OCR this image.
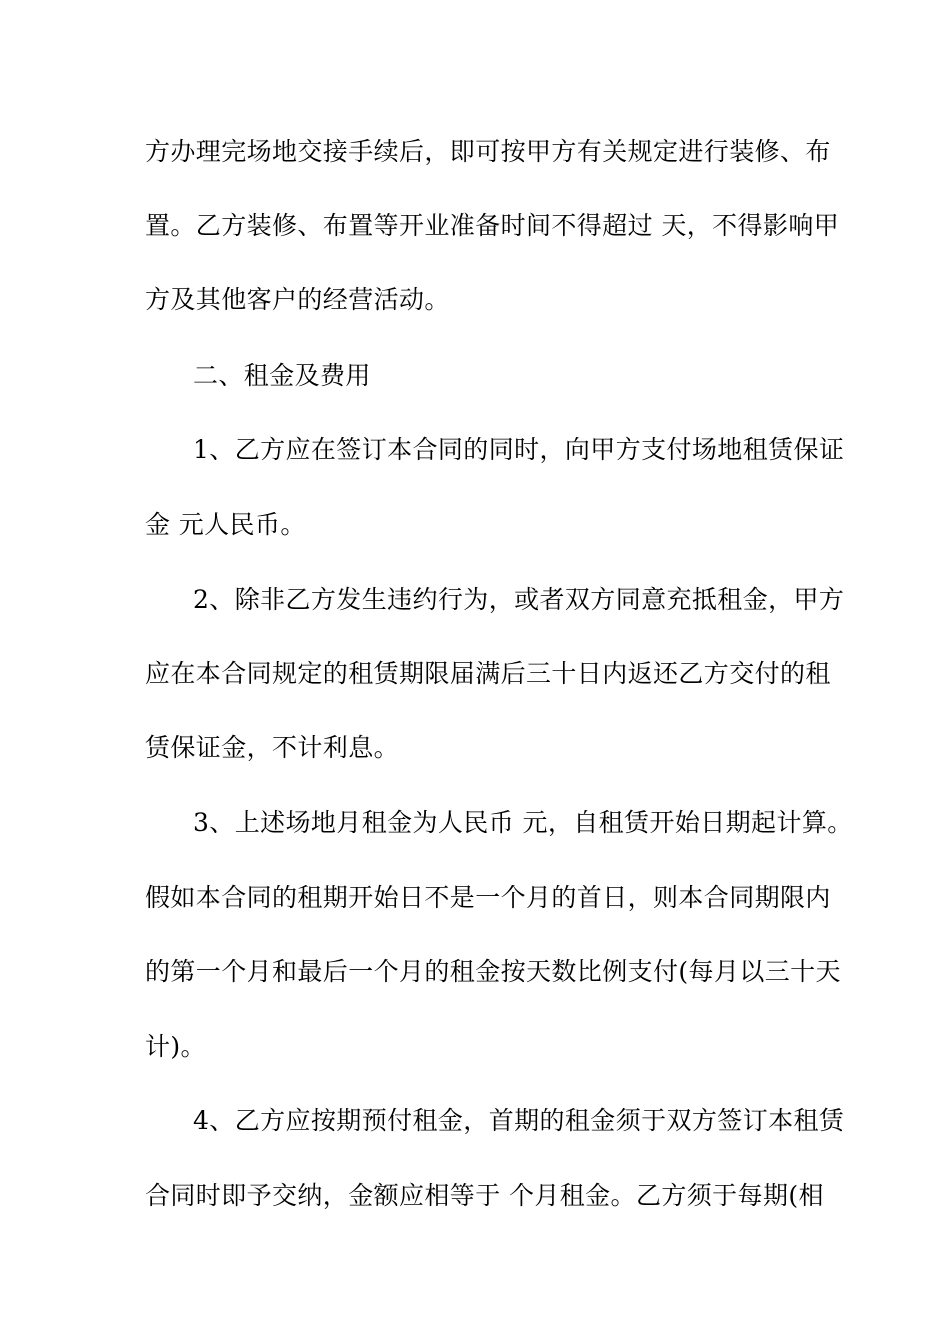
方办理完场地交接手续后，即可按甲方有关规定进行装修、布
置。乙方装修、布置等开业准备时间不得超过 天，不得影响甲
方及其他客户的经营活动。
二、租金及费用
1、乙方应在签订本合同的同时，向甲方支付场地租赁保证
金 元人民币。
2、除非乙方发生违约行为，或者双方同意充抵租金，甲方
应在本合同规定的租赁期限届满后三十日内返还乙方交付的租
赁保证金，不计利息。
3、上述场地月租金为人民币 元，自租赁开始日期起计算。
假如本合同的租期开始日不是一个月的首日，则本合同期限内
的第一个月和最后一个月的租金按天数比例支付(每月以三十天
计)。
4、乙方应按期预付租金，首期的租金须于双方签订本租赁
合同时即予交纳，金额应相等于 个月租金。乙方须于每期(相
